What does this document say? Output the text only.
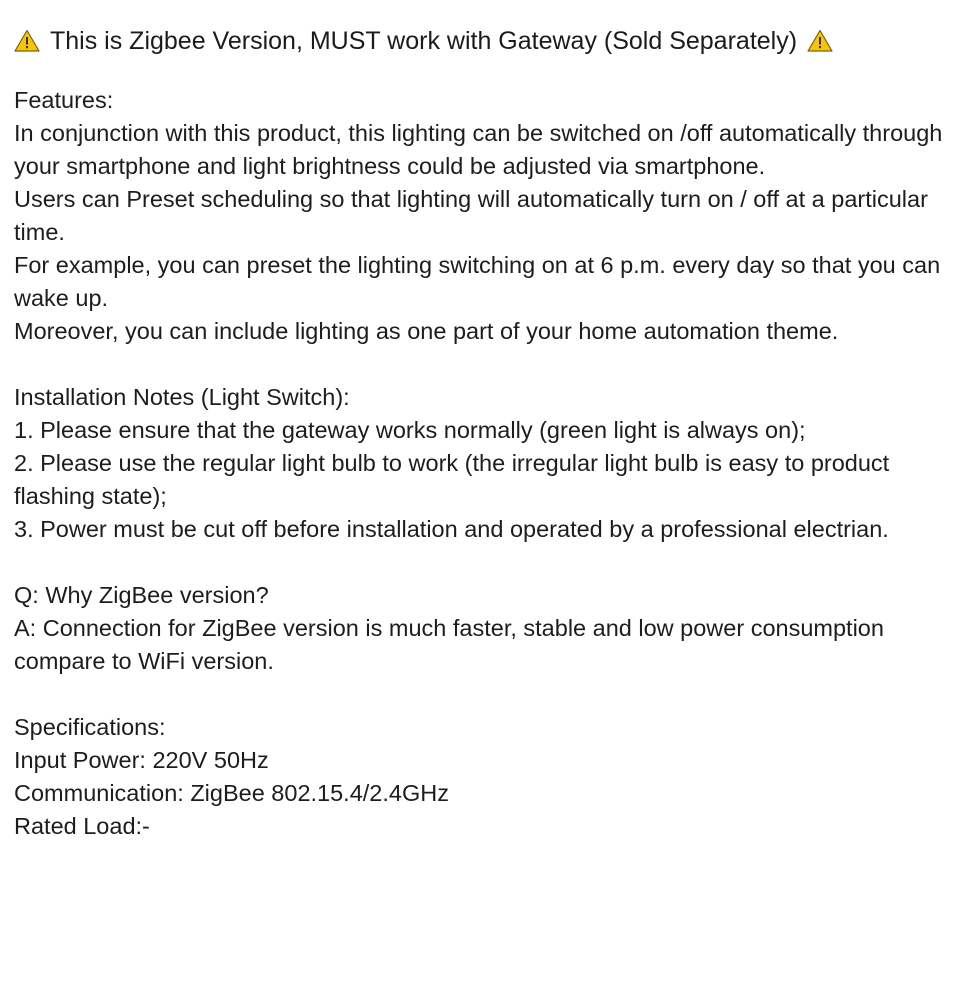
This is Zigbee Version, MUST work with Gateway (Sold Separately)

Features:

In conjunction with this product, this lighting can be switched on /off automatically through your smartphone and light brightness could be adjusted via smartphone.

Users can Preset scheduling so that lighting will automatically turn on / off at a particular time.

For example, you can preset the lighting switching on at 6 p.m. every day so that you can wake up.

Moreover, you can include lighting as one part of your home automation theme.

Installation Notes (Light Switch):

1. Please ensure that the gateway works normally (green light is always on);

2. Please use the regular light bulb to work (the irregular light bulb is easy to product flashing state);

3. Power must be cut off before installation and operated by a professional electrian.

Q: Why ZigBee version?

A: Connection for ZigBee version is much faster, stable and low power consumption compare to WiFi version.

Specifications:

Input Power: 220V 50Hz

Communication: ZigBee 802.15.4/2.4GHz

Rated Load:-
